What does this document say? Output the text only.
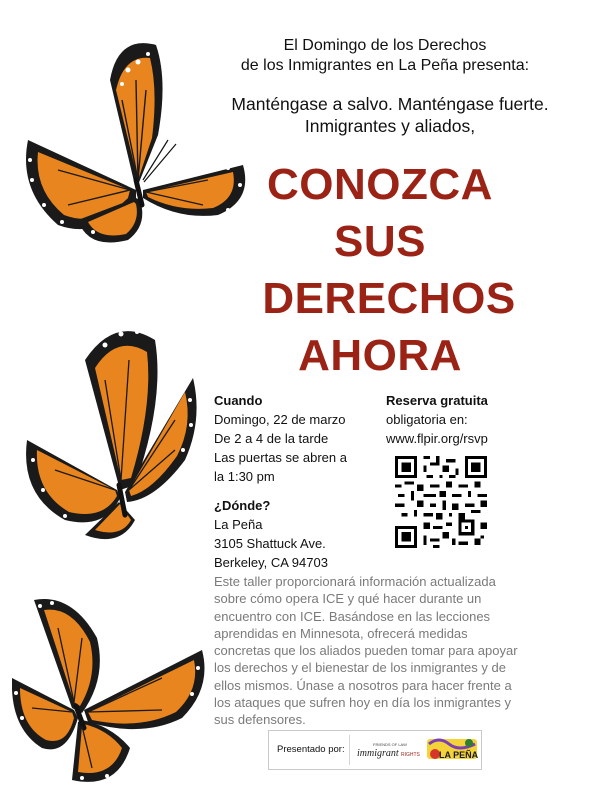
El Domingo de los Derechos
de los Inmigrantes en La Peña presenta:
Manténgase a salvo. Manténgase fuerte.
Inmigrantes y aliados,
CONOZCA
SUS
DERECHOS
AHORA
Cuando
Domingo, 22 de marzo
De 2 a 4 de la tarde
Las puertas se abren a
la 1:30 pm
¿Dónde?
La Peña
3105 Shattuck Ave.
Berkeley, CA 94703
Reserva gratuita
obligatoria en:
www.flpir.org/rsvp
Este taller proporcionará información actualizada sobre cómo opera ICE y qué hacer durante un encuentro con ICE. Basándose en las lecciones aprendidas en Minnesota, ofrecerá medidas concretas que los aliados pueden tomar para apoyar los derechos y el bienestar de los inmigrantes y de ellos mismos. Únase a nosotros para hacer frente a los ataques que sufren hoy en día los inmigrantes y sus defensores.
Presentado por:	FRIENDS OF LAW
immigrant RIGHTS LA PEÑA
